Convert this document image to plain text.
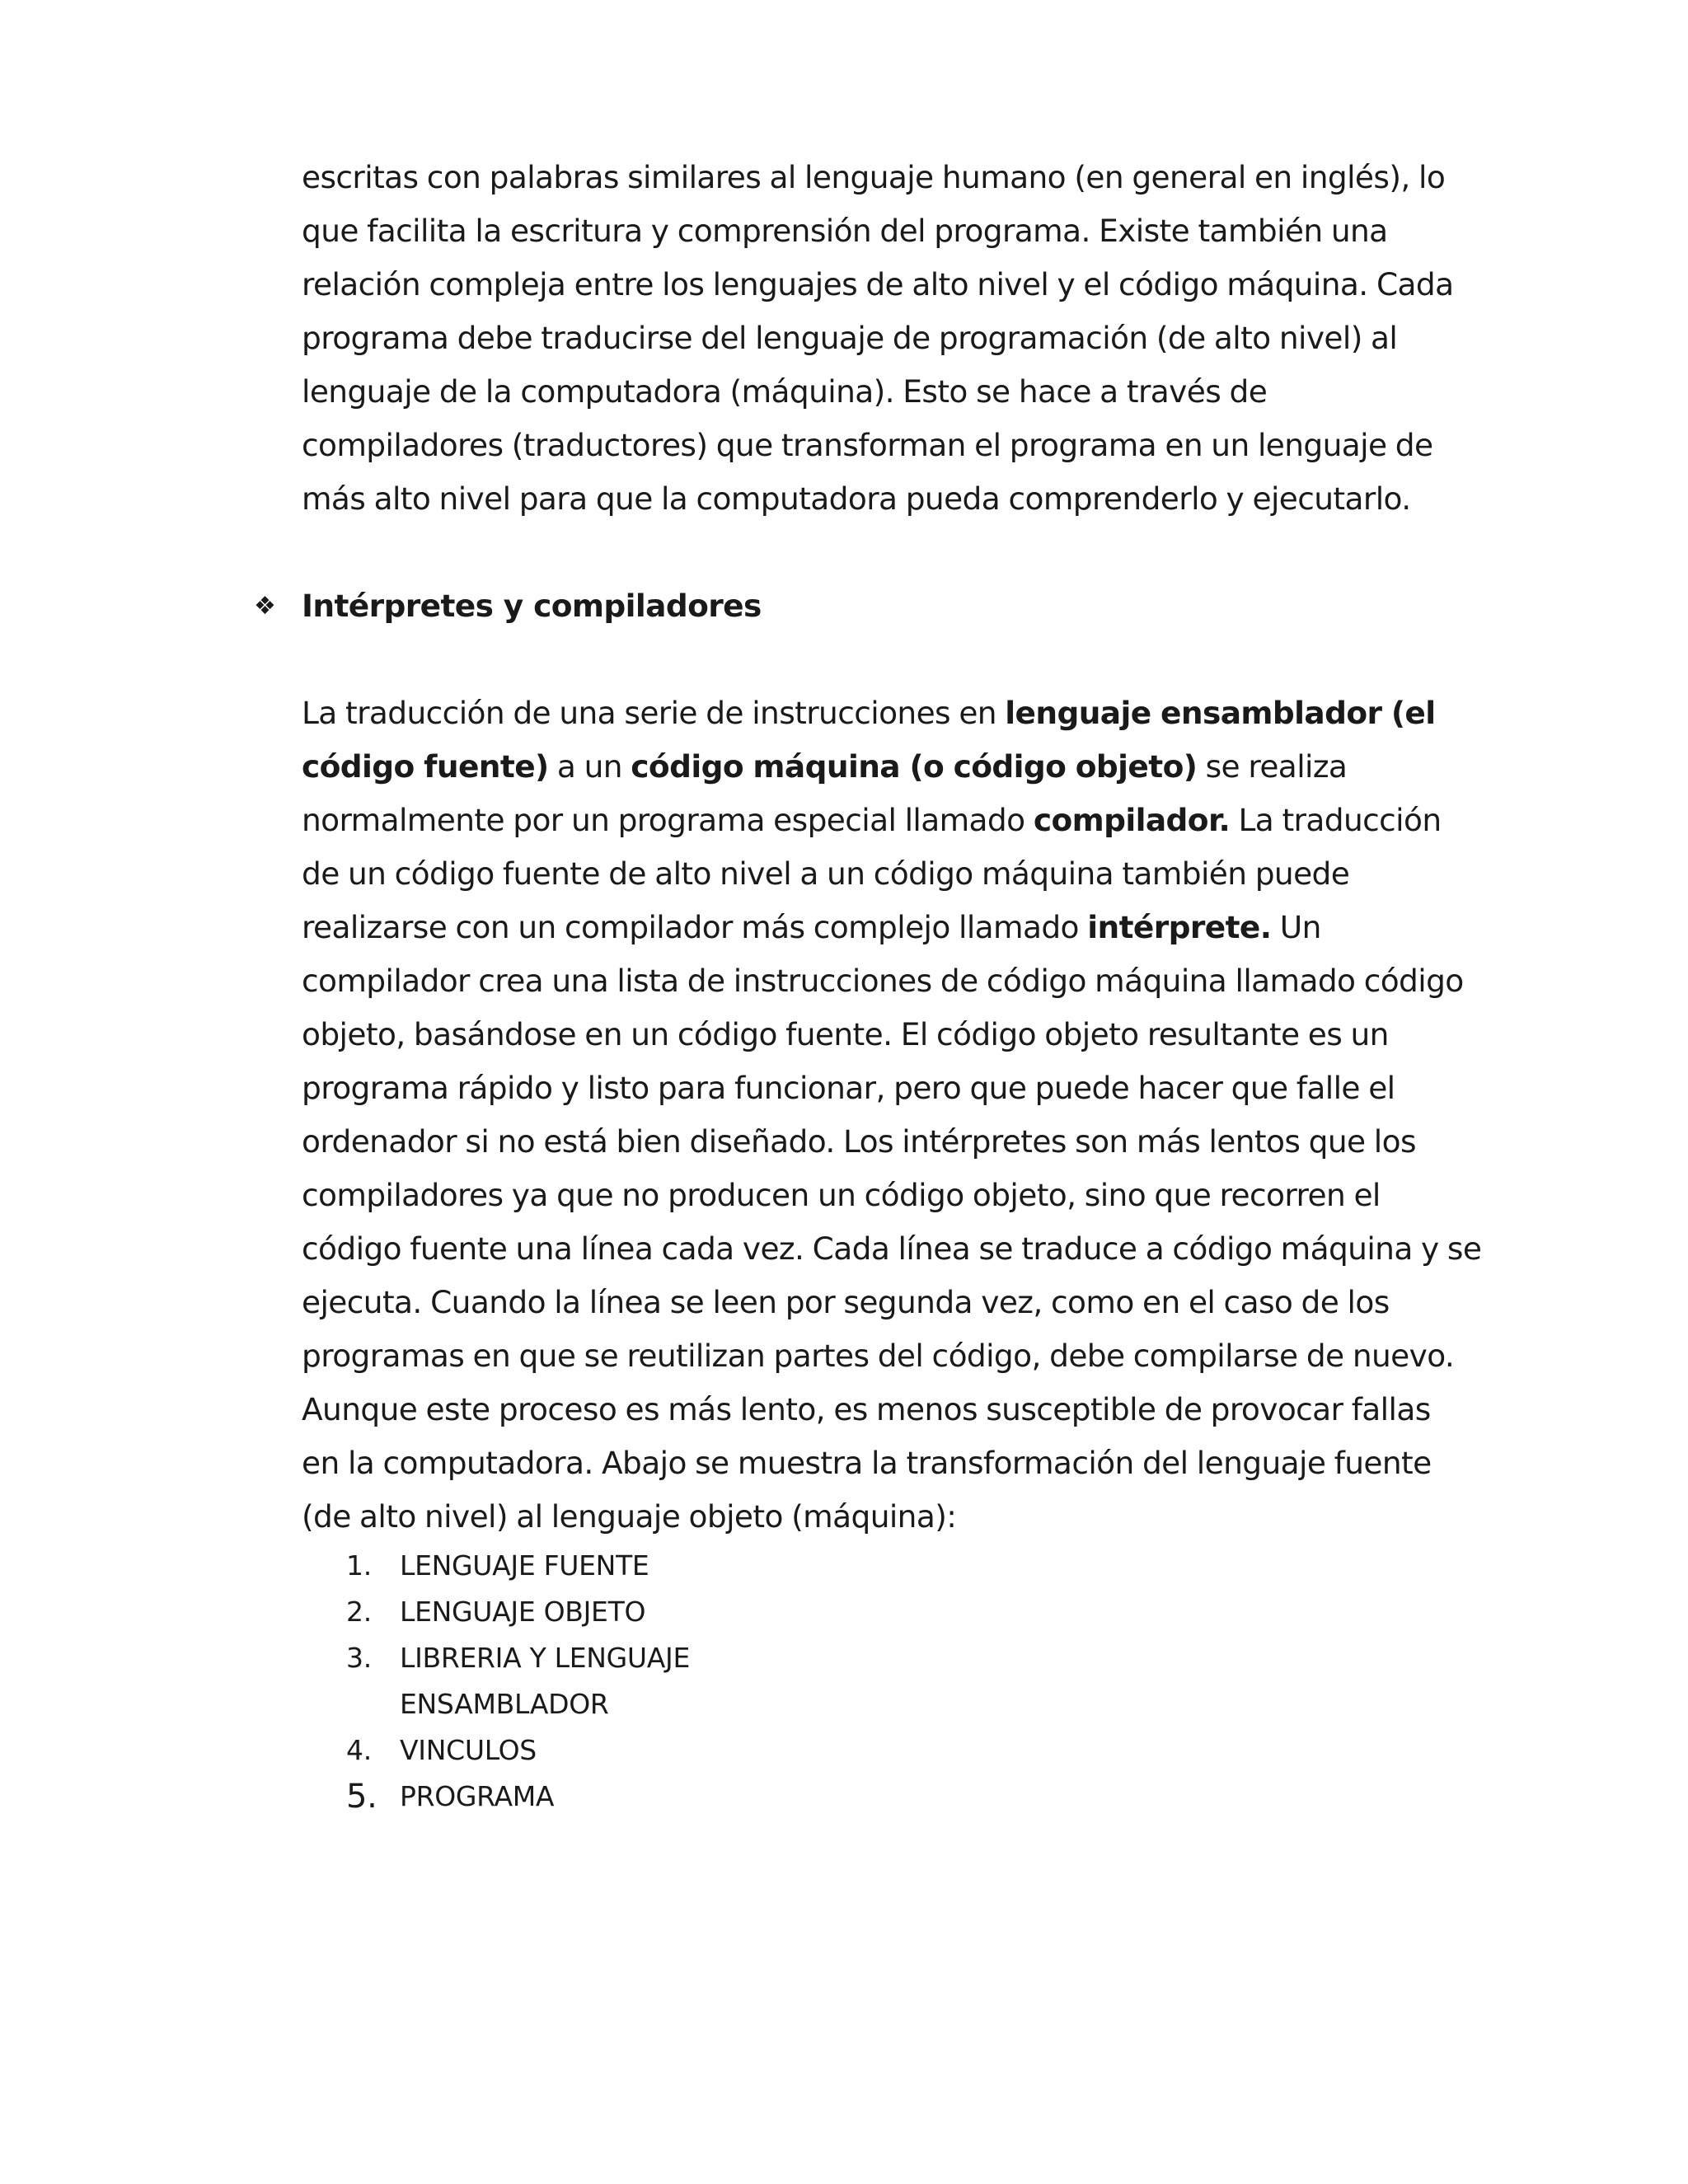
escritas con palabras similares al lenguaje humano (en general en inglés), lo
que facilita la escritura y comprensión del programa. Existe también una
relación compleja entre los lenguajes de alto nivel y el código máquina. Cada
programa debe traducirse del lenguaje de programación (de alto nivel) al
lenguaje de la computadora (máquina). Esto se hace a través de
compiladores (traductores) que transforman el programa en un lenguaje de
más alto nivel para que la computadora pueda comprenderlo y ejecutarlo.
❖ Intérpretes y compiladores
La traducción de una serie de instrucciones en lenguaje ensamblador (el
código fuente) a un código máquina (o código objeto) se realiza
normalmente por un programa especial llamado compilador. La traducción
de un código fuente de alto nivel a un código máquina también puede
realizarse con un compilador más complejo llamado intérprete. Un
compilador crea una lista de instrucciones de código máquina llamado código
objeto, basándose en un código fuente. El código objeto resultante es un
programa rápido y listo para funcionar, pero que puede hacer que falle el
ordenador si no está bien diseñado. Los intérpretes son más lentos que los
compiladores ya que no producen un código objeto, sino que recorren el
código fuente una línea cada vez. Cada línea se traduce a código máquina y se
ejecuta. Cuando la línea se leen por segunda vez, como en el caso de los
programas en que se reutilizan partes del código, debe compilarse de nuevo.
Aunque este proceso es más lento, es menos susceptible de provocar fallas
en la computadora. Abajo se muestra la transformación del lenguaje fuente
(de alto nivel) al lenguaje objeto (máquina):
1.	LENGUAJE FUENTE
2.	LENGUAJE OBJETO
3.	LIBRERIA Y LENGUAJE
ENSAMBLADOR
4.	VINCULOS
5. PROGRAMA
